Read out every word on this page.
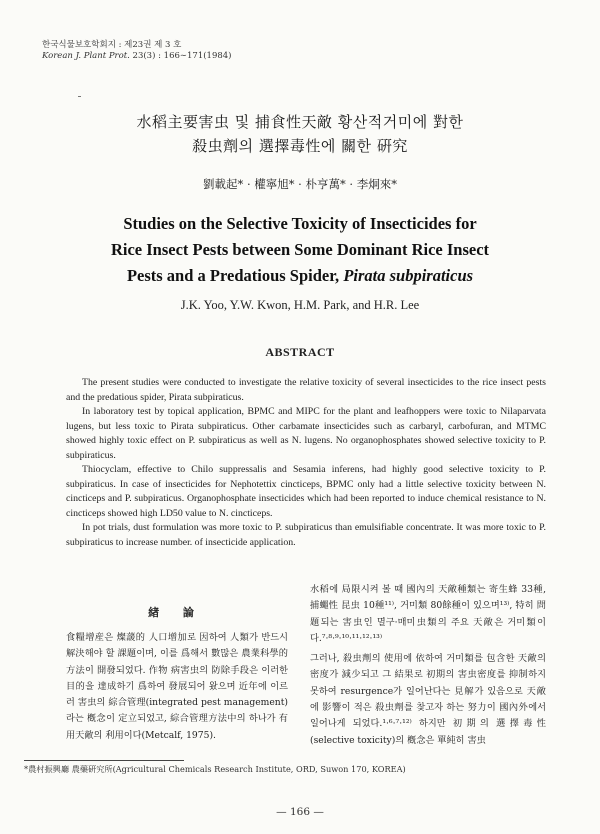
한국식물보호학회지 : 제23권 제 3 호
Korean J. Plant Prot. 23(3) : 166∼171(1984)
水稻主要害虫 및 捕食性天敵 황산적거미에 對한
殺虫劑의 選擇毒性에 關한 硏究
劉載起* · 權寧旭* · 朴亨萬* · 李炯來*
Studies on the Selective Toxicity of Insecticides for
Rice Insect Pests between Some Dominant Rice Insect
Pests and a Predatious Spider, Pirata subpiraticus
J.K. Yoo, Y.W. Kwon, H.M. Park, and H.R. Lee
ABSTRACT

The present studies were conducted to investigate the relative toxicity of several insecticides to the rice insect pests and the predatious spider, Pirata subpiraticus.

In laboratory test by topical application, BPMC and MIPC for the plant and leafhoppers were toxic to Nilaparvata lugens, but less toxic to Pirata subpiraticus. Other carbamate insecticides such as carbaryl, carbofuran, and MTMC showed highly toxic effect on P. subpiraticus as well as N. lugens. No organophosphates showed selective toxicity to P. subpiraticus.

Thiocyclam, effective to Chilo suppressalis and Sesamia inferens, had highly good selective toxicity to P. subpiraticus. In case of insecticides for Nephotettix cincticeps, BPMC only had a little selective toxicity between N. cincticeps and P. subpiraticus. Organophosphate insecticides which had been reported to induce chemical resistance to N. cincticeps showed high LD50 value to N. cincticeps.

In pot trials, dust formulation was more toxic to P. subpiraticus than emulsifiable concentrate. It was more toxic to P. subpiraticus to increase number. of insecticide application.

緖 論

食糧增産은 燦蘐的 人口增加로 因하여 人類가 반드시 解決해야 할 課題이며, 이를 爲해서 數많은 農業科學的 方法이 開發되었다. 作物 病害虫의 防除手段은 이러한 目的을 達成하기 爲하여 發展되어 왔으며 近年에 이르러 害虫의 綜合管理(integrated pest management)라는 槪念이 定立되었고, 綜合管理方法中의 하나가 有用天敵의 利用이다(Metcalf, 1975).

水稻에 局限시켜 볼 때 國內의 天敵種類는 寄生蜂 33種, 捕蠅性 昆虫 10種¹¹⁾, 거미類 80餘種이 있으며¹³⁾, 特히 問題되는 害虫인 멸구·매미虫類의 주요 天敵은 거미類이다.⁷·⁸·⁹·¹⁰·¹¹·¹²·¹³⁾

그러나, 殺虫劑의 使用에 依하여 거미類를 包含한 天敵의 密度가 減少되고 그 結果로 初期의 害虫密度를 抑制하지 못하여 resurgence가 일어난다는 見解가 있음으로 天敵에 影響이 적은 殺虫劑를 찾고자 하는 努力이 國內外에서 일어나게 되었다.¹·⁶·⁷·¹²⁾ 하지만 初期의 選擇毒性(selective toxicity)의 槪念은 單純히 害虫

*農村振興廳 農藥硏究所(Agricultural Chemicals Research Institute, ORD, Suwon 170, KOREA)
— 166 —
